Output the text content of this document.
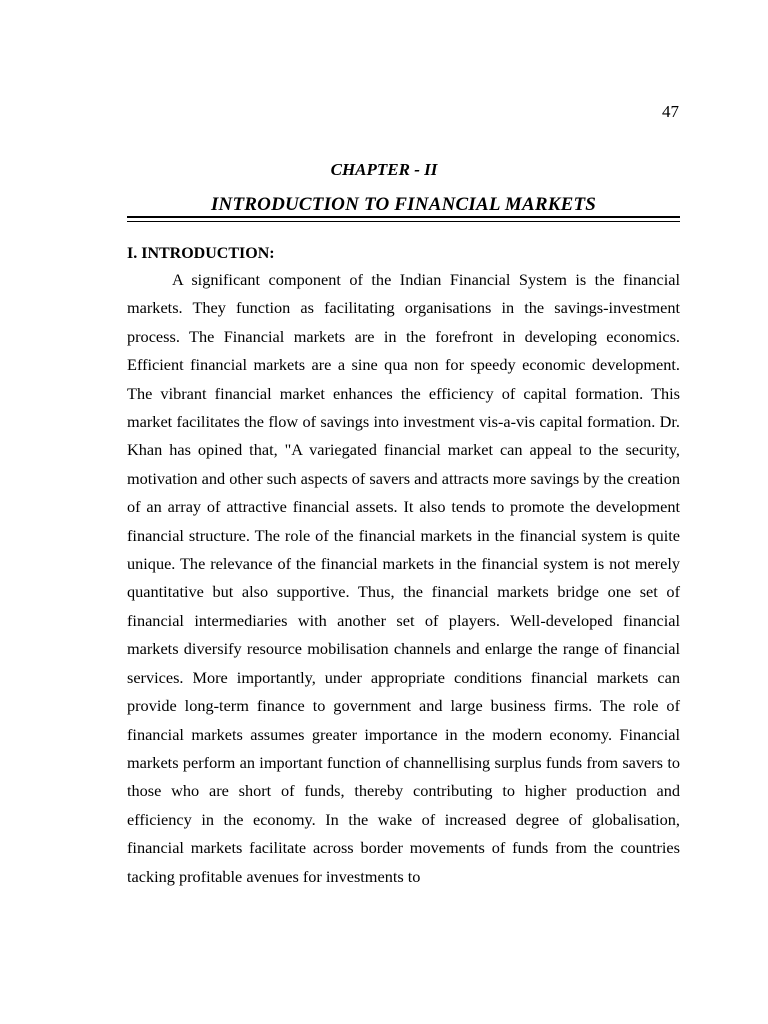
47
CHAPTER - II
INTRODUCTION TO FINANCIAL MARKETS
I. INTRODUCTION:

A significant component of the Indian Financial System is the financial markets. They function as facilitating organisations in the savings-investment process. The Financial markets are in the forefront in developing economics. Efficient financial markets are a sine qua non for speedy economic development. The vibrant financial market enhances the efficiency of capital formation. This market facilitates the flow of savings into investment vis-a-vis capital formation. Dr. Khan has opined that, "A variegated financial market can appeal to the security, motivation and other such aspects of savers and attracts more savings by the creation of an array of attractive financial assets. It also tends to promote the development financial structure. The role of the financial markets in the financial system is quite unique. The relevance of the financial markets in the financial system is not merely quantitative but also supportive. Thus, the financial markets bridge one set of financial intermediaries with another set of players. Well-developed financial markets diversify resource mobilisation channels and enlarge the range of financial services. More importantly, under appropriate conditions financial markets can provide long-term finance to government and large business firms. The role of financial markets assumes greater importance in the modern economy. Financial markets perform an important function of channellising surplus funds from savers to those who are short of funds, thereby contributing to higher production and efficiency in the economy. In the wake of increased degree of globalisation, financial markets facilitate across border movements of funds from the countries tacking profitable avenues for investments to
